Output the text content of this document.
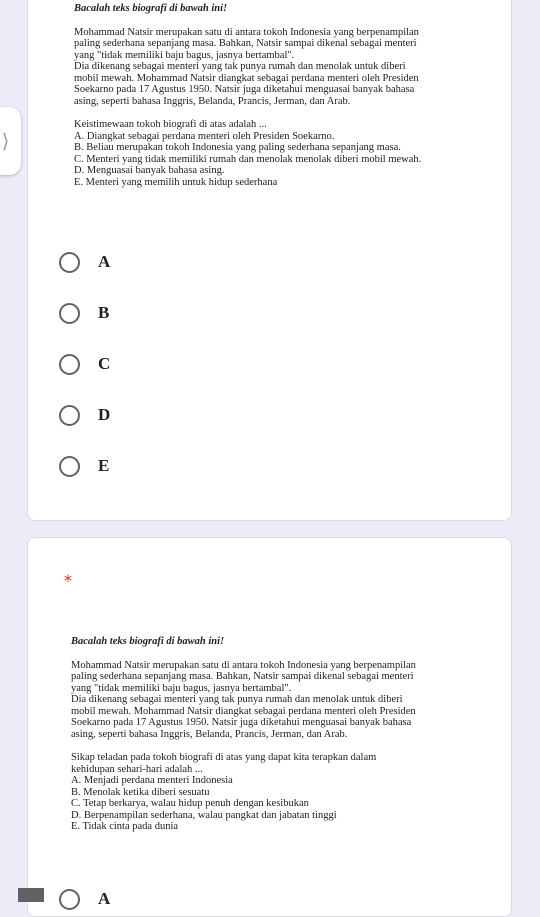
⟩

Bacalah teks biografi di bawah ini!

Mohammad Natsir merupakan satu di antara tokoh Indonesia yang berpenampilan
paling sederhana sepanjang masa. Bahkan, Natsir sampai dikenal sebagai menteri
yang "tidak memiliki baju bagus, jasnya bertambal".
Dia dikenang sebagai menteri yang tak punya rumah dan menolak untuk diberi
mobil mewah. Mohammad Natsir diangkat sebagai perdana menteri oleh Presiden
Soekarno pada 17 Agustus 1950. Natsir juga diketahui menguasai banyak bahasa
asing, seperti bahasa Inggris, Belanda, Prancis, Jerman, dan Arab.

Keistimewaan tokoh biografi di atas adalah ...

A. Diangkat sebagai perdana menteri oleh Presiden Soekarno.

B. Beliau merupakan tokoh Indonesia yang paling sederhana sepanjang masa.

C. Menteri yang tidak memiliki rumah dan menolak menolak diberi mobil mewah.

D. Menguasai banyak bahasa asing.

E. Menteri yang memilih untuk hidup sederhana

A
B
C
D
E
*

Bacalah teks biografi di bawah ini!

Mohammad Natsir merupakan satu di antara tokoh Indonesia yang berpenampilan
paling sederhana sepanjang masa. Bahkan, Natsir sampai dikenal sebagai menteri
yang "tidak memiliki baju bagus, jasnya bertambal".
Dia dikenang sebagai menteri yang tak punya rumah dan menolak untuk diberi
mobil mewah. Mohammad Natsir diangkat sebagai perdana menteri oleh Presiden
Soekarno pada 17 Agustus 1950. Natsir juga diketahui menguasai banyak bahasa
asing, seperti bahasa Inggris, Belanda, Prancis, Jerman, dan Arab.

Sikap teladan pada tokoh biografi di atas yang dapat kita terapkan dalam
kehidupan sehari-hari adalah ...

A. Menjadi perdana menteri Indonesia

B. Menolak ketika diberi sesuatu

C. Tetap berkarya, walau hidup penuh dengan kesibukan

D. Berpenampilan sederhana, walau pangkat dan jabatan tinggi

E. Tidak cinta pada dunia

A
